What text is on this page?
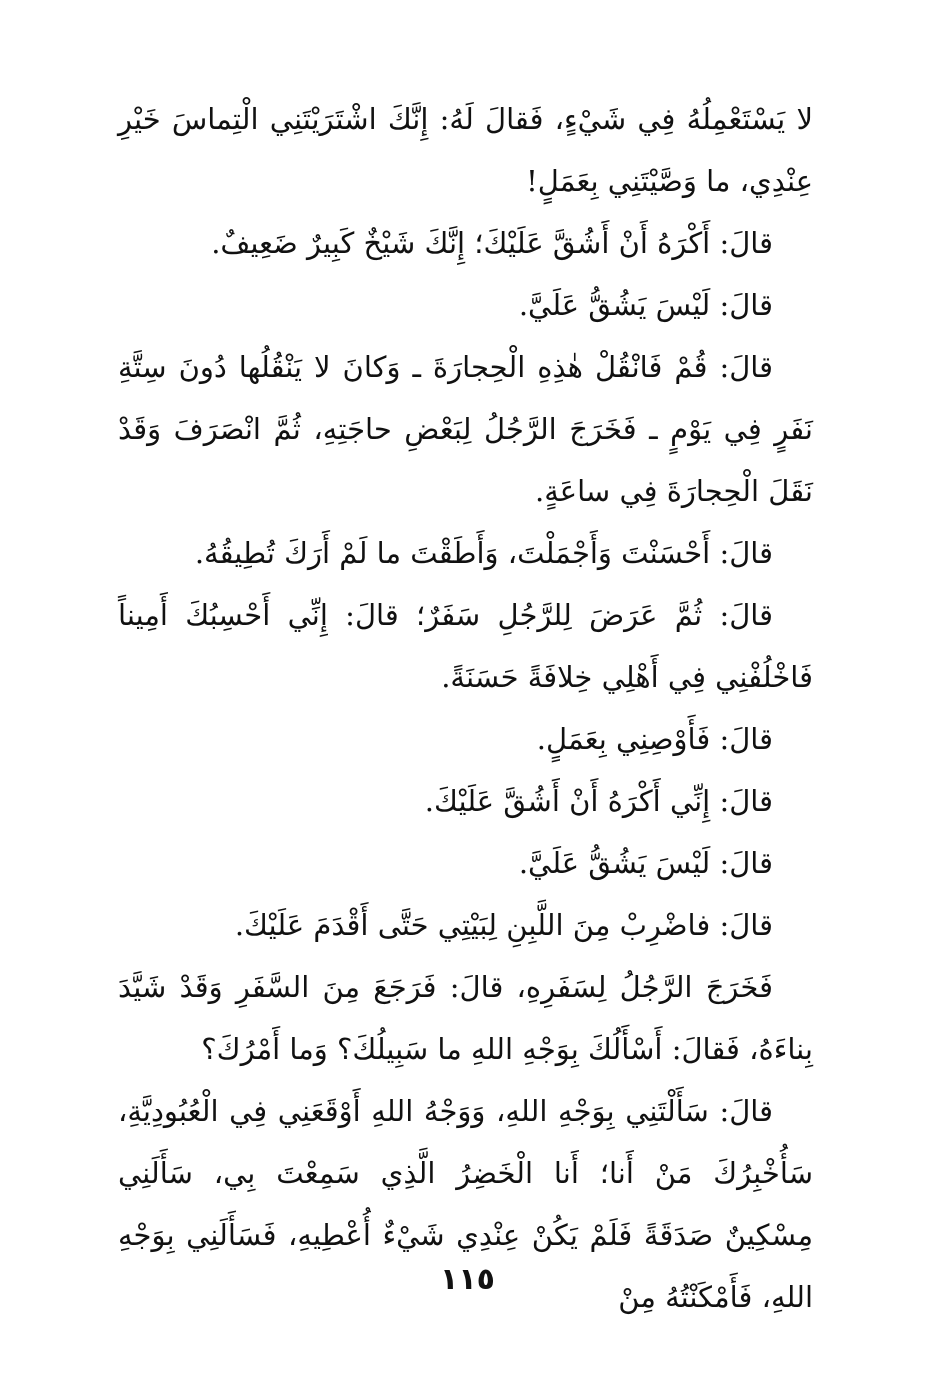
لا يَسْتَعْمِلُهُ فِي شَيْءٍ، فَقالَ لَهُ: إِنَّكَ اشْتَرَيْتَنِي الْتِماسَ خَيْرِ عِنْدِي، ما وَصَّيْتَنِي بِعَمَلٍ!

قالَ: أَكْرَهُ أَنْ أَشُقَّ عَلَيْكَ؛ إِنَّكَ شَيْخٌ كَبِيرٌ ضَعِيفٌ.

قالَ: لَيْسَ يَشُقُّ عَلَيَّ.

قالَ: قُمْ فَانْقُلْ هٰذِهِ الْحِجارَةَ ـ وَكانَ لا يَنْقُلُها دُونَ سِتَّةِ نَفَرٍ فِي يَوْمٍ ـ فَخَرَجَ الرَّجُلُ لِبَعْضِ حاجَتِهِ، ثُمَّ انْصَرَفَ وَقَدْ نَقَلَ الْحِجارَةَ فِي ساعَةٍ.

قالَ: أَحْسَنْتَ وَأَجْمَلْتَ، وَأَطَقْتَ ما لَمْ أَرَكَ تُطِيقُهُ.

قالَ: ثُمَّ عَرَضَ لِلرَّجُلِ سَفَرٌ؛ قالَ: إِنِّي أَحْسِبُكَ أَمِيناً فَاخْلُفْنِي فِي أَهْلِي خِلافَةً حَسَنَةً.

قالَ: فَأَوْصِنِي بِعَمَلٍ.

قالَ: إِنِّي أَكْرَهُ أَنْ أَشُقَّ عَلَيْكَ.

قالَ: لَيْسَ يَشُقُّ عَلَيَّ.

قالَ: فاضْرِبْ مِنَ اللَّبِنِ لِبَيْتِي حَتَّى أَقْدَمَ عَلَيْكَ.

فَخَرَجَ الرَّجُلُ لِسَفَرِهِ، قالَ: فَرَجَعَ مِنَ السَّفَرِ وَقَدْ شَيَّدَ بِناءَهُ، فَقالَ: أَسْأَلُكَ بِوَجْهِ اللهِ ما سَبِيلُكَ؟ وَما أَمْرُكَ؟

قالَ: سَأَلْتَنِي بِوَجْهِ اللهِ، وَوَجْهُ اللهِ أَوْقَعَنِي فِي الْعُبُودِيَّةِ، سَأُخْبِرُكَ مَنْ أَنا؛ أَنا الْخَضِرُ الَّذِي سَمِعْتَ بِي، سَأَلَنِي مِسْكِينٌ صَدَقَةً فَلَمْ يَكُنْ عِنْدِي شَيْءٌ أُعْطِيهِ، فَسَأَلَنِي بِوَجْهِ اللهِ، فَأَمْكَنْتُهُ مِنْ

١١٥
